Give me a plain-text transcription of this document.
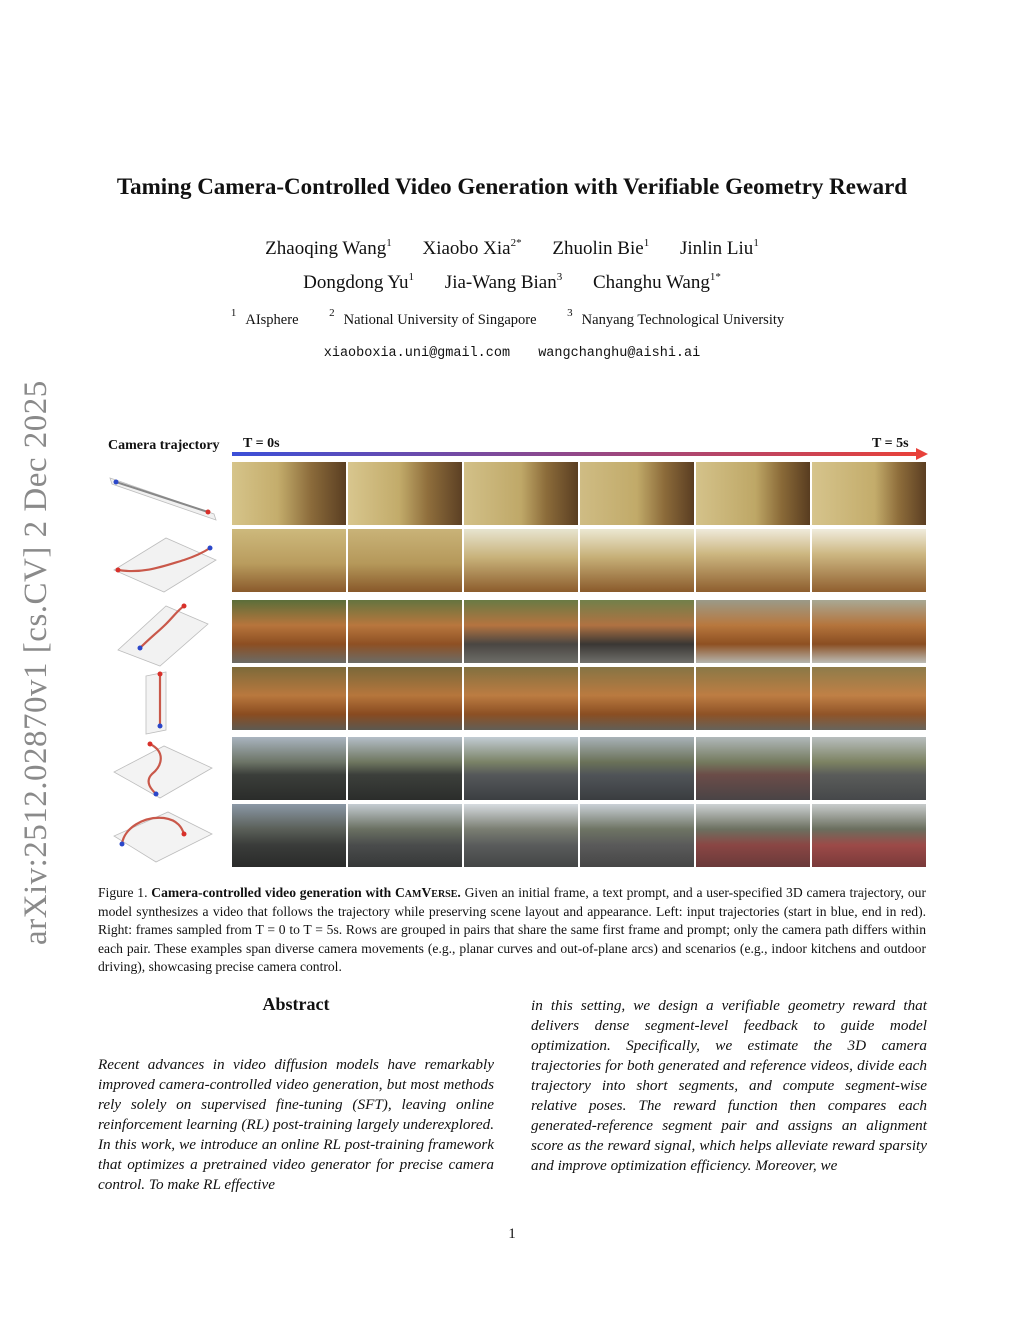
arXiv:2512.02870v1 [cs.CV] 2 Dec 2025
Taming Camera-Controlled Video Generation with Verifiable Geometry Reward
Zhaoqing Wang$^1$ Xiaobo Xia$^{2*}$ Zhuolin Bie$^1$ Jinlin Liu$^1$
Dongdong Yu$^1$ Jia-Wang Bian$^3$ Changhu Wang$^{1*}$
$^1$ AIsphere	$^2$ National University of Singapore	$^3$ Nanyang Technological University
xiaoboxia.uni@gmail.com wangchanghu@aishi.ai
Camera trajectory T = 0s	T = 5s
Figure 1. Camera-controlled video generation with CamVerse. Given an initial frame, a text prompt, and a user-specified 3D camera trajectory, our model synthesizes a video that follows the trajectory while preserving scene layout and appearance. Left: input trajectories (start in blue, end in red). Right: frames sampled from T = 0 to T = 5s. Rows are grouped in pairs that share the same first frame and prompt; only the camera path differs within each pair. These examples span diverse camera movements (e.g., planar curves and out-of-plane arcs) and scenarios (e.g., indoor kitchens and outdoor driving), showcasing precise camera control.
Abstract
Recent advances in video diffusion models have remarkably improved camera-controlled video generation, but most methods rely solely on supervised fine-tuning (SFT), leaving online reinforcement learning (RL) post-training largely underexplored. In this work, we introduce an online RL post-training framework that optimizes a pretrained video generator for precise camera control. To make RL effective
in this setting, we design a verifiable geometry reward that delivers dense segment-level feedback to guide model optimization. Specifically, we estimate the 3D camera trajectories for both generated and reference videos, divide each trajectory into short segments, and compute segment-wise relative poses. The reward function then compares each generated-reference segment pair and assigns an alignment score as the reward signal, which helps alleviate reward sparsity and improve optimization efficiency. Moreover, we
1
